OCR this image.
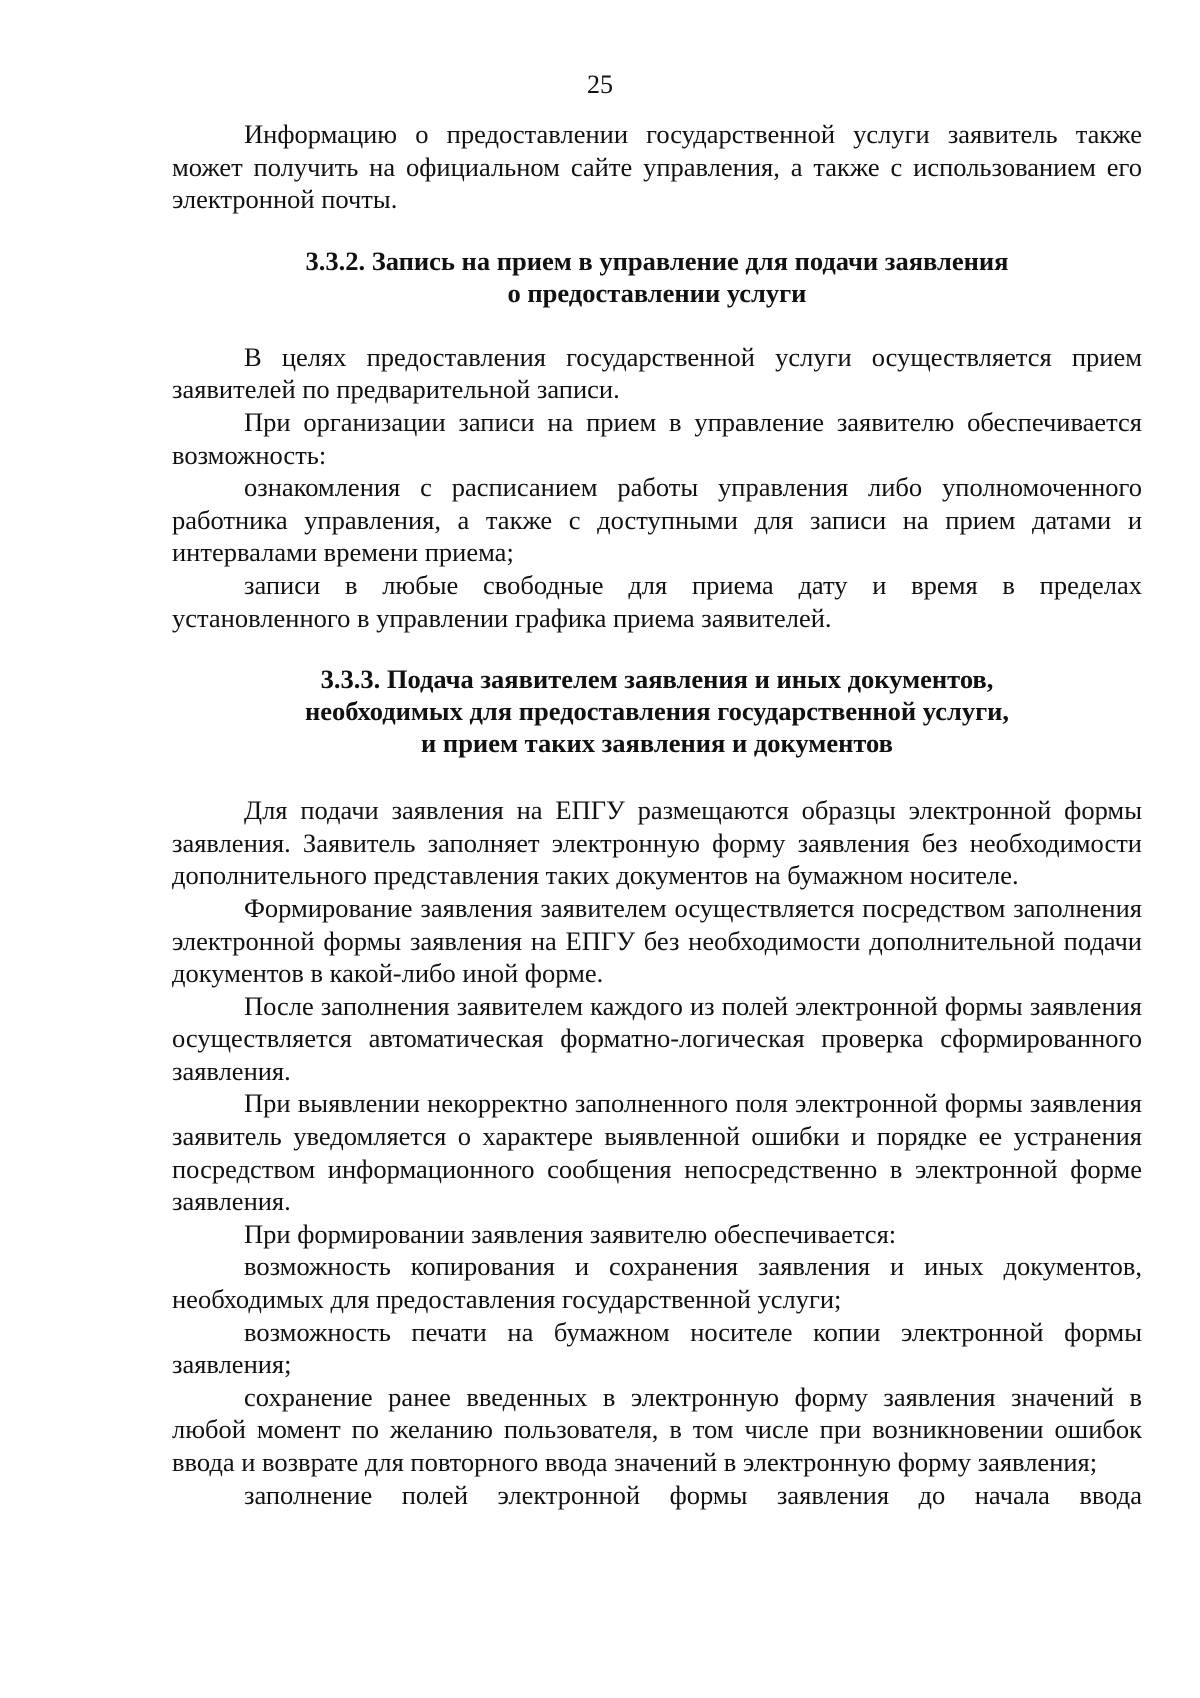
25

Информацию о предоставлении государственной услуги заявитель также может получить на официальном сайте управления, а также с использованием его электронной почты.

3.3.2. Запись на прием в управление для подачи заявления
о предоставлении услуги

В целях предоставления государственной услуги осуществляется прием заявителей по предварительной записи.

При организации записи на прием в управление заявителю обеспечивается возможность:

ознакомления с расписанием работы управления либо уполномоченного работника управления, а также с доступными для записи на прием датами и интервалами времени приема;

записи в любые свободные для приема дату и время в пределах установленного в управлении графика приема заявителей.

3.3.3. Подача заявителем заявления и иных документов,
необходимых для предоставления государственной услуги,
и прием таких заявления и документов

Для подачи заявления на ЕПГУ размещаются образцы электронной формы заявления. Заявитель заполняет электронную форму заявления без необходимости дополнительного представления таких документов на бумажном носителе.

Формирование заявления заявителем осуществляется посредством заполнения электронной формы заявления на ЕПГУ без необходимости дополнительной подачи документов в какой-либо иной форме.

После заполнения заявителем каждого из полей электронной формы заявления осуществляется автоматическая форматно-логическая проверка сформированного заявления.

При выявлении некорректно заполненного поля электронной формы заявления заявитель уведомляется о характере выявленной ошибки и порядке ее устранения посредством информационного сообщения непосредственно в электронной форме заявления.

При формировании заявления заявителю обеспечивается:

возможность копирования и сохранения заявления и иных документов, необходимых для предоставления государственной услуги;

возможность печати на бумажном носителе копии электронной формы заявления;

сохранение ранее введенных в электронную форму заявления значений в любой момент по желанию пользователя, в том числе при возникновении ошибок ввода и возврате для повторного ввода значений в электронную форму заявления;

заполнение полей электронной формы заявления до начала ввода
